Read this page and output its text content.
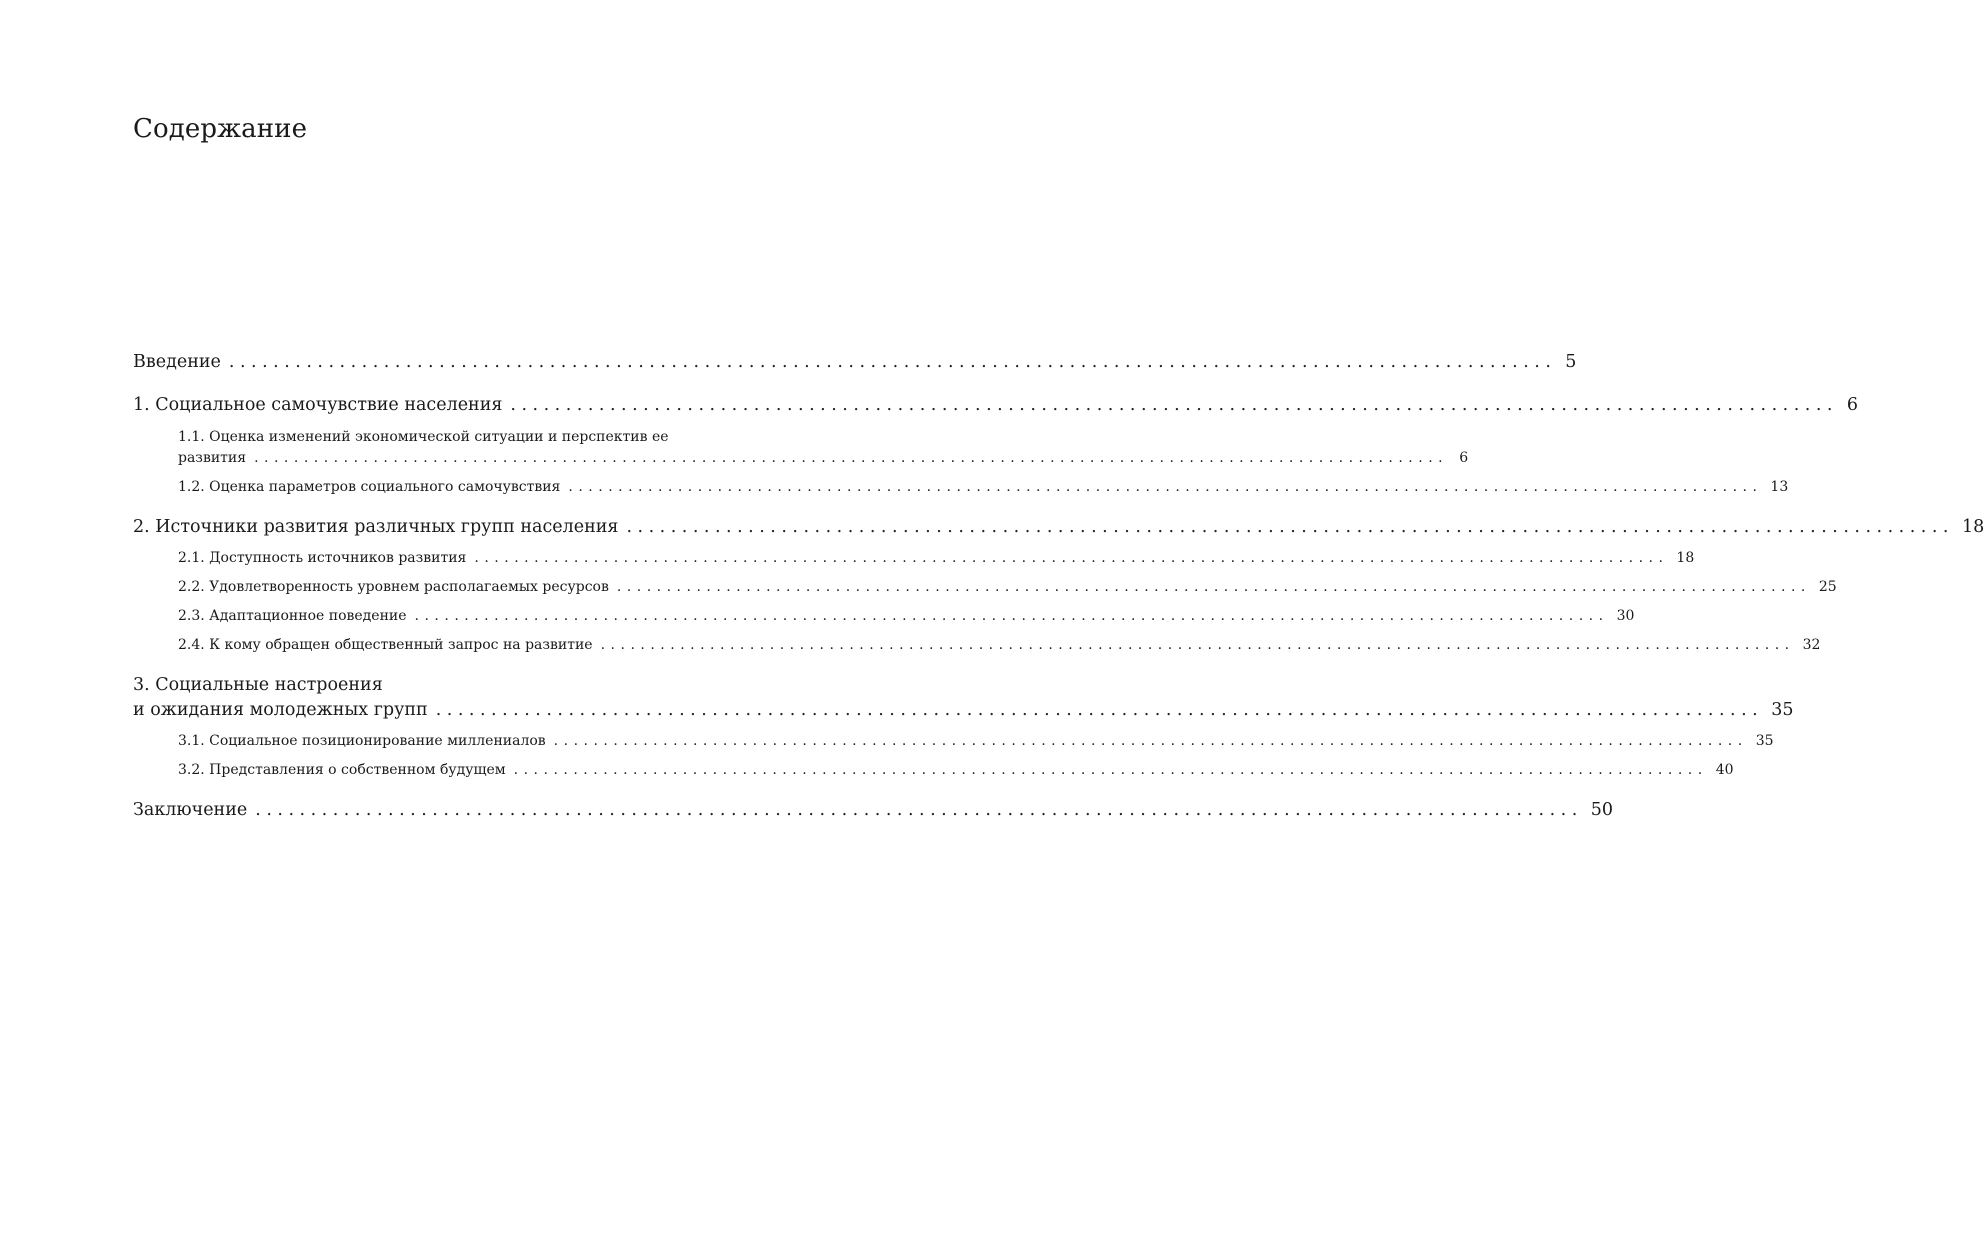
Содержание
Введение ........................................................................................................................ 5
1. Социальное самочувствие населения ........................................................................................................................ 6
1.1. Оценка изменений экономической ситуации и перспектив ее
развития ........................................................................................................................ 6
1.2. Оценка параметров социального самочувствия ........................................................................................................................ 13
2. Источники развития различных групп населения ........................................................................................................................ 18
2.1. Доступность источников развития ........................................................................................................................ 18
2.2. Удовлетворенность уровнем располагаемых ресурсов ........................................................................................................................ 25
2.3. Адаптационное поведение ........................................................................................................................ 30
2.4. К кому обращен общественный запрос на развитие ........................................................................................................................ 32
3. Социальные настроения
и ожидания молодежных групп ........................................................................................................................ 35
3.1. Социальное позиционирование миллениалов ........................................................................................................................ 35
3.2. Представления о собственном будущем ........................................................................................................................ 40
Заключение ........................................................................................................................ 50
